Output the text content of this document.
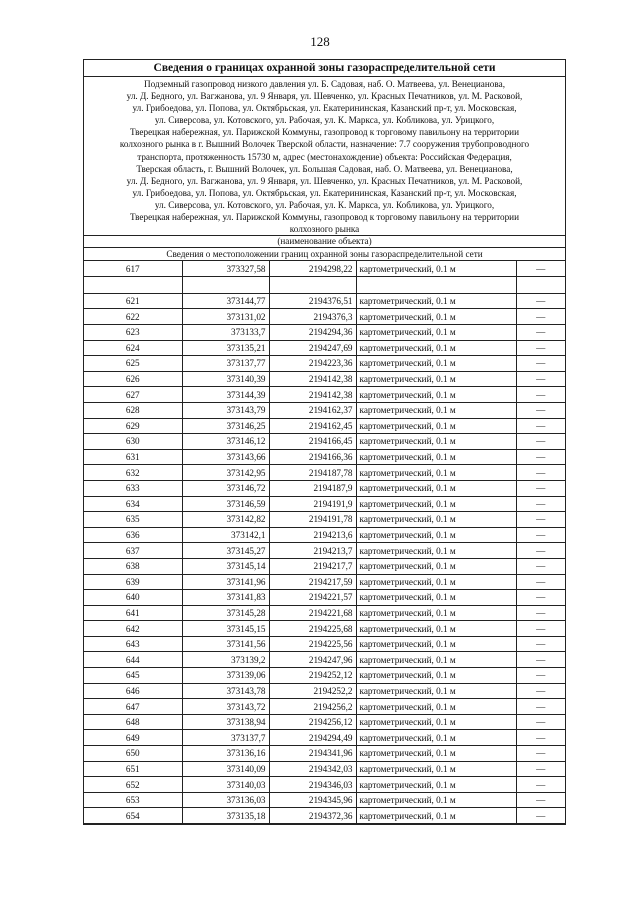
128
Сведения о границах охранной зоны газораспределительной сети
Подземный газопровод низкого давления ул. Б. Садовая, наб. О. Матвеева, ул. Венецианова,
ул. Д. Бедного, ул. Вагжанова, ул. 9 Января, ул. Шевченко, ул. Красных Печатников, ул. М. Расковой,
ул. Грибоедова, ул. Попова, ул. Октябрьская, ул. Екатерининская, Казанский пр-т, ул. Московская,
ул. Сиверсова, ул. Котовского, ул. Рабочая, ул. К. Маркса, ул. Кобликова, ул. Урицкого,
Тверецкая набережная, ул. Парижской Коммуны, газопровод к торговому павильону на территории
колхозного рынка в г. Вышний Волочек Тверской области, назначение: 7.7 сооружения трубопроводного
транспорта, протяженность 15730 м, адрес (местонахождение) объекта: Российская Федерация,
Тверская область, г. Вышний Волочек, ул. Большая Садовая, наб. О. Матвеева, ул. Венецианова,
ул. Д. Бедного, ул. Вагжанова, ул. 9 Января, ул. Шевченко, ул. Красных Печатников, ул. М. Расковой,
ул. Грибоедова, ул. Попова, ул. Октябрьская, ул. Екатерининская, Казанский пр-т, ул. Московская,
ул. Сиверсова, ул. Котовского, ул. Рабочая, ул. К. Маркса, ул. Кобликова, ул. Урицкого,
Тверецкая набережная, ул. Парижской Коммуны, газопровод к торговому павильону на территории
колхозного рынка
(наименование объекта)
Сведения о местоположении границ охранной зоны газораспределительной сети
617	373327,58	2194298,22	картометрический, 0.1 м	—

621	373144,77	2194376,51	картометрический, 0.1 м	—
622	373131,02	2194376,3	картометрический, 0.1 м	—
623	373133,7	2194294,36	картометрический, 0.1 м	—
624	373135,21	2194247,69	картометрический, 0.1 м	—
625	373137,77	2194223,36	картометрический, 0.1 м	—
626	373140,39	2194142,38	картометрический, 0.1 м	—
627	373144,39	2194142,38	картометрический, 0.1 м	—
628	373143,79	2194162,37	картометрический, 0.1 м	—
629	373146,25	2194162,45	картометрический, 0.1 м	—
630	373146,12	2194166,45	картометрический, 0.1 м	—
631	373143,66	2194166,36	картометрический, 0.1 м	—
632	373142,95	2194187,78	картометрический, 0.1 м	—
633	373146,72	2194187,9	картометрический, 0.1 м	—
634	373146,59	2194191,9	картометрический, 0.1 м	—
635	373142,82	2194191,78	картометрический, 0.1 м	—
636	373142,1	2194213,6	картометрический, 0.1 м	—
637	373145,27	2194213,7	картометрический, 0.1 м	—
638	373145,14	2194217,7	картометрический, 0.1 м	—
639	373141,96	2194217,59	картометрический, 0.1 м	—
640	373141,83	2194221,57	картометрический, 0.1 м	—
641	373145,28	2194221,68	картометрический, 0.1 м	—
642	373145,15	2194225,68	картометрический, 0.1 м	—
643	373141,56	2194225,56	картометрический, 0.1 м	—
644	373139,2	2194247,96	картометрический, 0.1 м	—
645	373139,06	2194252,12	картометрический, 0.1 м	—
646	373143,78	2194252,2	картометрический, 0.1 м	—
647	373143,72	2194256,2	картометрический, 0.1 м	—
648	373138,94	2194256,12	картометрический, 0.1 м	—
649	373137,7	2194294,49	картометрический, 0.1 м	—
650	373136,16	2194341,96	картометрический, 0.1 м	—
651	373140,09	2194342,03	картометрический, 0.1 м	—
652	373140,03	2194346,03	картометрический, 0.1 м	—
653	373136,03	2194345,96	картометрический, 0.1 м	—
654	373135,18	2194372,36	картометрический, 0.1 м	—
